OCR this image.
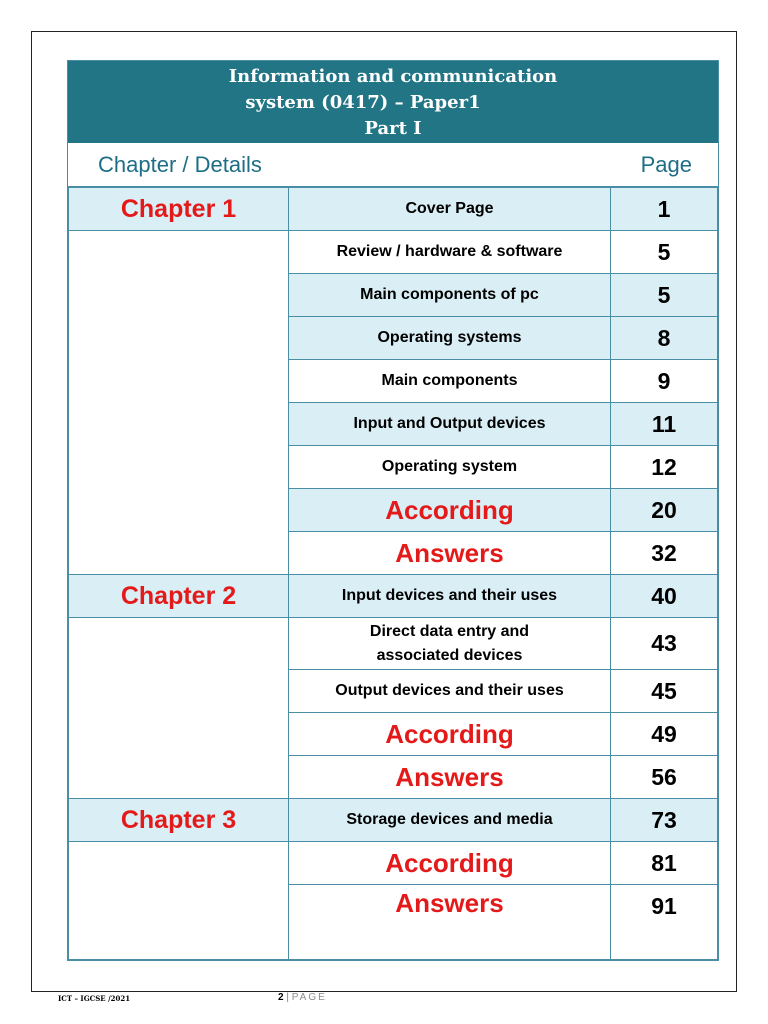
Information and communication
system (0417) – Paper1
Part I
Chapter / Details	Page
Chapter 1	Cover Page	1
	Review / hardware & software	5
	Main components of pc	5
	Operating systems	8
	Main components	9
	Input and Output devices	11
	Operating system	12
	According	20
	Answers	32
Chapter 2	Input devices and their uses	40
	Direct data entry and associated devices	43
	Output devices and their uses	45
	According	49
	Answers	56
Chapter 3	Storage devices and media	73
	According	81
	Answers	91
ICT – IGCSE /2021	2 | PAGE
